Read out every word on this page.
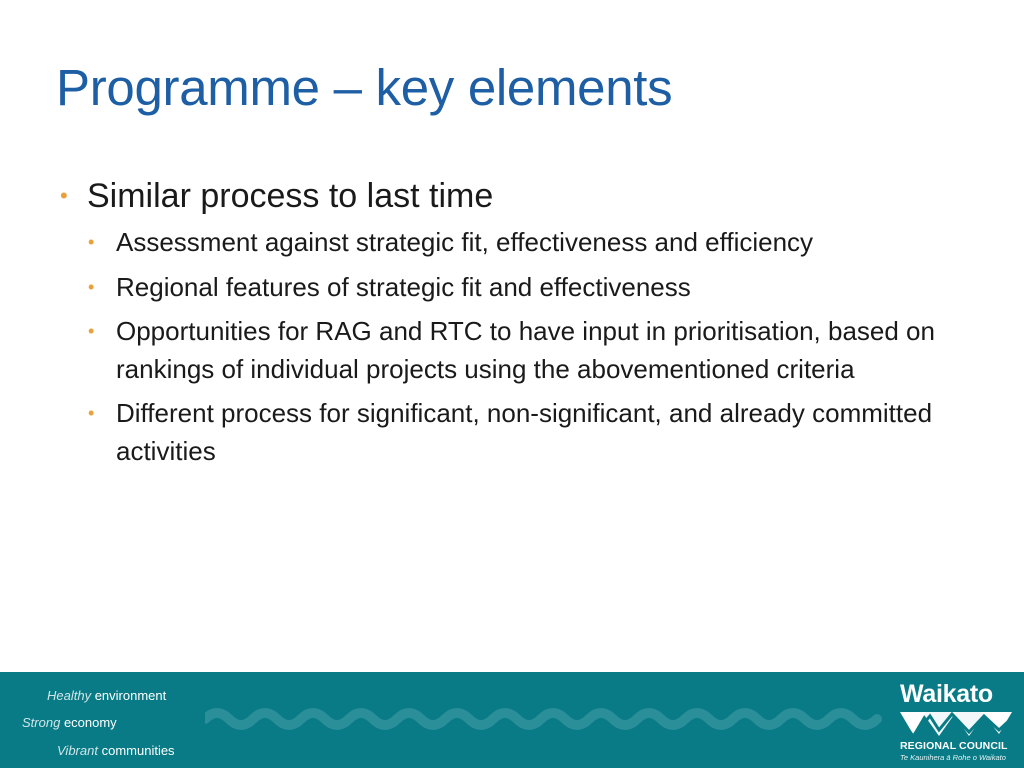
Programme – key elements
• Similar process to last time
• Assessment against strategic fit, effectiveness and efficiency
• Regional features of strategic fit and effectiveness
• Opportunities for RAG and RTC to have input in prioritisation, based on rankings of individual projects using the abovementioned criteria
• Different process for significant, non-significant, and already committed activities
Healthy environment
Strong economy
Vibrant communities
Waikato
REGIONAL COUNCIL
Te Kaunihera ā Rohe o Waikato
